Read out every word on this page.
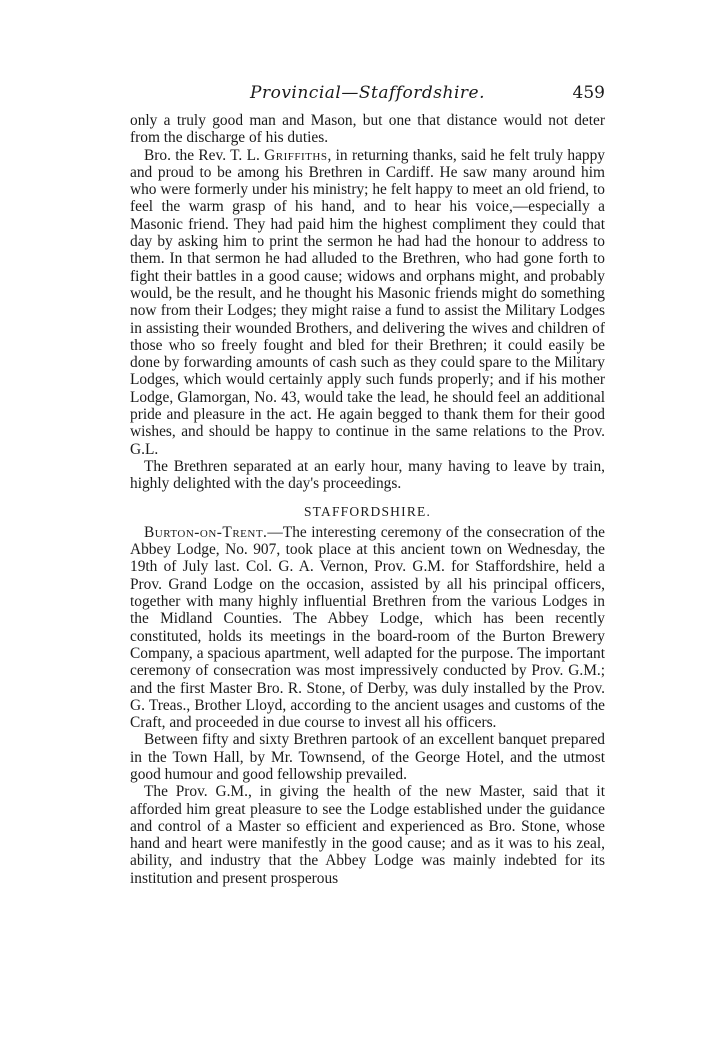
Provincial—Staffordshire.	459

only a truly good man and Mason, but one that distance would not deter from the discharge of his duties.

Bro. the Rev. T. L. Griffiths, in returning thanks, said he felt truly happy and proud to be among his Brethren in Cardiff. He saw many around him who were formerly under his ministry; he felt happy to meet an old friend, to feel the warm grasp of his hand, and to hear his voice,—especially a Masonic friend. They had paid him the highest compliment they could that day by asking him to print the sermon he had had the honour to address to them. In that sermon he had alluded to the Brethren, who had gone forth to fight their battles in a good cause; widows and orphans might, and probably would, be the result, and he thought his Masonic friends might do something now from their Lodges; they might raise a fund to assist the Military Lodges in assisting their wounded Brothers, and delivering the wives and children of those who so freely fought and bled for their Brethren; it could easily be done by forwarding amounts of cash such as they could spare to the Military Lodges, which would certainly apply such funds properly; and if his mother Lodge, Glamorgan, No. 43, would take the lead, he should feel an additional pride and pleasure in the act. He again begged to thank them for their good wishes, and should be happy to continue in the same relations to the Prov. G.L.

The Brethren separated at an early hour, many having to leave by train, highly delighted with the day's proceedings.

STAFFORDSHIRE.

Burton-on-Trent.—The interesting ceremony of the consecration of the Abbey Lodge, No. 907, took place at this ancient town on Wednesday, the 19th of July last. Col. G. A. Vernon, Prov. G.M. for Staffordshire, held a Prov. Grand Lodge on the occasion, assisted by all his principal officers, together with many highly influential Brethren from the various Lodges in the Midland Counties. The Abbey Lodge, which has been recently constituted, holds its meetings in the board-room of the Burton Brewery Company, a spacious apartment, well adapted for the purpose. The important ceremony of consecration was most impressively conducted by Prov. G.M.; and the first Master Bro. R. Stone, of Derby, was duly installed by the Prov. G. Treas., Brother Lloyd, according to the ancient usages and customs of the Craft, and proceeded in due course to invest all his officers.

Between fifty and sixty Brethren partook of an excellent banquet prepared in the Town Hall, by Mr. Townsend, of the George Hotel, and the utmost good humour and good fellowship prevailed.

The Prov. G.M., in giving the health of the new Master, said that it afforded him great pleasure to see the Lodge established under the guidance and control of a Master so efficient and experienced as Bro. Stone, whose hand and heart were manifestly in the good cause; and as it was to his zeal, ability, and industry that the Abbey Lodge was mainly indebted for its institution and present prosperous
